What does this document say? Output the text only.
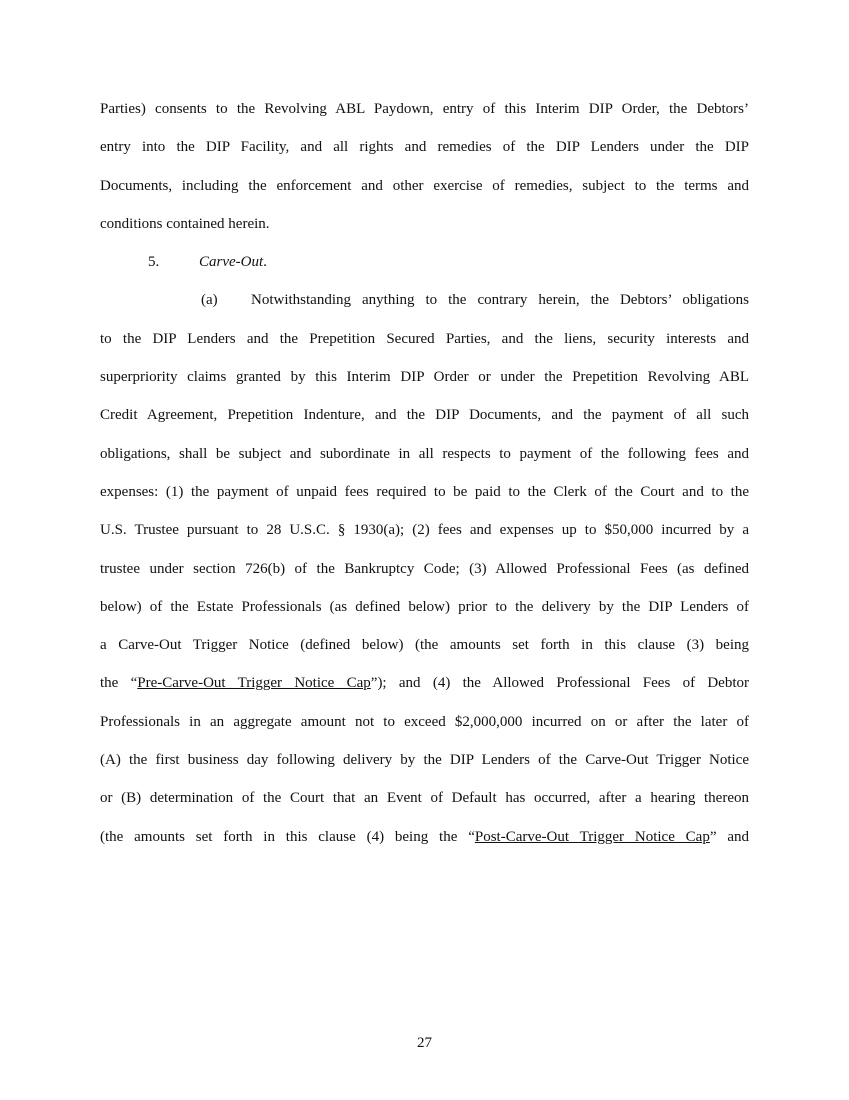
Parties) consents to the Revolving ABL Paydown, entry of this Interim DIP Order, the Debtors’
entry into the DIP Facility, and all rights and remedies of the DIP Lenders under the DIP
Documents, including the enforcement and other exercise of remedies, subject to the terms and
conditions contained herein.
5.	Carve-Out.
(a) Notwithstanding anything to the contrary herein, the Debtors’ obligations
to the DIP Lenders and the Prepetition Secured Parties, and the liens, security interests and
superpriority claims granted by this Interim DIP Order or under the Prepetition Revolving ABL
Credit Agreement, Prepetition Indenture, and the DIP Documents, and the payment of all such
obligations, shall be subject and subordinate in all respects to payment of the following fees and
expenses: (1) the payment of unpaid fees required to be paid to the Clerk of the Court and to the
U.S. Trustee pursuant to 28 U.S.C. § 1930(a); (2) fees and expenses up to $50,000 incurred by a
trustee under section 726(b) of the Bankruptcy Code; (3) Allowed Professional Fees (as defined
below) of the Estate Professionals (as defined below) prior to the delivery by the DIP Lenders of
a Carve-Out Trigger Notice (defined below) (the amounts set forth in this clause (3) being
the “Pre-Carve-Out Trigger Notice Cap”); and (4) the Allowed Professional Fees of Debtor
Professionals in an aggregate amount not to exceed $2,000,000 incurred on or after the later of
(A) the first business day following delivery by the DIP Lenders of the Carve-Out Trigger Notice
or (B) determination of the Court that an Event of Default has occurred, after a hearing thereon
(the amounts set forth in this clause (4) being the “Post-Carve-Out Trigger Notice Cap” and
27
